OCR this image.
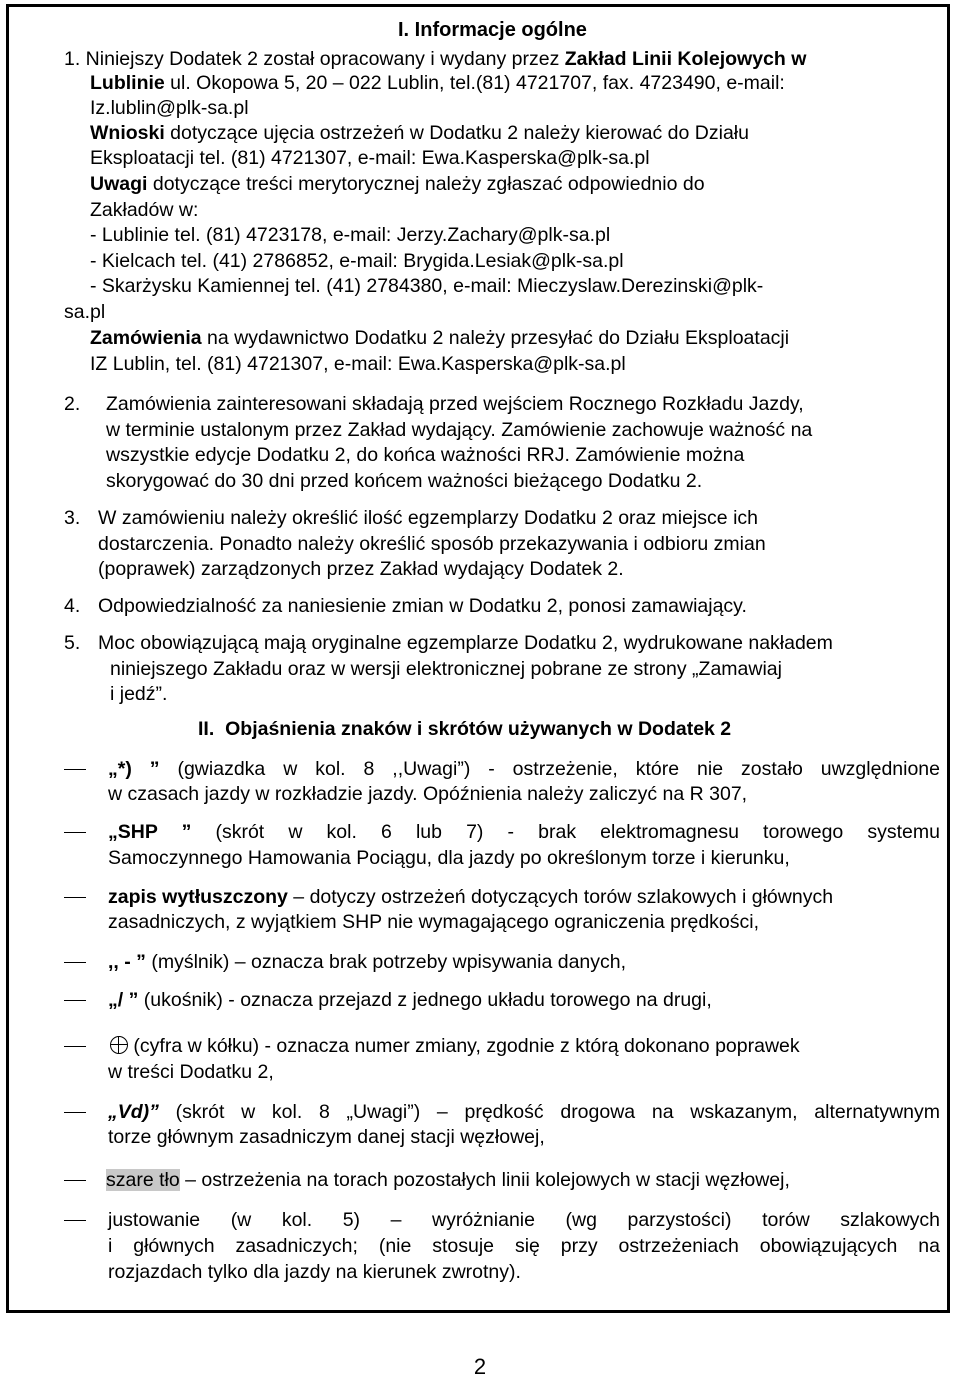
I. Informacje ogólne
1. Niniejszy Dodatek 2 został opracowany i wydany przez Zakład Linii Kolejowych w
Lublinie ul. Okopowa 5, 20 – 022 Lublin, tel.(81) 4721707, fax. 4723490, e-mail:
Iz.lublin@plk-sa.pl
Wnioski dotyczące ujęcia ostrzeżeń w Dodatku 2 należy kierować do Działu
Eksploatacji tel. (81) 4721307, e-mail: Ewa.Kasperska@plk-sa.pl
Uwagi dotyczące treści merytorycznej należy zgłaszać odpowiednio do
Zakładów w:
- Lublinie tel. (81) 4723178, e-mail: Jerzy.Zachary@plk-sa.pl
- Kielcach tel. (41) 2786852, e-mail: Brygida.Lesiak@plk-sa.pl
- Skarżysku Kamiennej tel. (41) 2784380, e-mail: Mieczyslaw.Derezinski@plk-
sa.pl
Zamówienia na wydawnictwo Dodatku 2 należy przesyłać do Działu Eksploatacji
IZ Lublin, tel. (81) 4721307, e-mail: Ewa.Kasperska@plk-sa.pl
2. Zamówienia zainteresowani składają przed wejściem Rocznego Rozkładu Jazdy,
w terminie ustalonym przez Zakład wydający. Zamówienie zachowuje ważność na
wszystkie edycje Dodatku 2, do końca ważności RRJ. Zamówienie można
skorygować do 30 dni przed końcem ważności bieżącego Dodatku 2.
3. W zamówieniu należy określić ilość egzemplarzy Dodatku 2 oraz miejsce ich
dostarczenia. Ponadto należy określić sposób przekazywania i odbioru zmian
(poprawek) zarządzonych przez Zakład wydający Dodatek 2.
4. Odpowiedzialność za naniesienie zmian w Dodatku 2, ponosi zamawiający.
5. Moc obowiązującą mają oryginalne egzemplarze Dodatku 2, wydrukowane nakładem
niniejszego Zakładu oraz w wersji elektronicznej pobrane ze strony „Zamawiaj
i jedź”.
II. Objaśnienia znaków i skrótów używanych w Dodatek 2
„*) ” (gwiazdka w kol. 8 ,,Uwagi”) - ostrzeżenie, które nie zostało uwzględnione
w czasach jazdy w rozkładzie jazdy. Opóźnienia należy zaliczyć na R 307,
„SHP ” (skrót w kol. 6 lub 7) - brak elektromagnesu torowego systemu
Samoczynnego Hamowania Pociągu, dla jazdy po określonym torze i kierunku,
zapis wytłuszczony – dotyczy ostrzeżeń dotyczących torów szlakowych i głównych
zasadniczych, z wyjątkiem SHP nie wymagającego ograniczenia prędkości,
,, - ” (myślnik) – oznacza brak potrzeby wpisywania danych,
„/ ” (ukośnik) - oznacza przejazd z jednego układu torowego na drugi,
(cyfra w kółku) - oznacza numer zmiany, zgodnie z którą dokonano poprawek
w treści Dodatku 2,
„Vd)” (skrót w kol. 8 „Uwagi”) – prędkość drogowa na wskazanym, alternatywnym
torze głównym zasadniczym danej stacji węzłowej,
szare tło – ostrzeżenia na torach pozostałych linii kolejowych w stacji węzłowej,
justowanie (w kol. 5) – wyróżnianie (wg parzystości) torów szlakowych
i głównych zasadniczych; (nie stosuje się przy ostrzeżeniach obowiązujących na
rozjazdach tylko dla jazdy na kierunek zwrotny).
2
